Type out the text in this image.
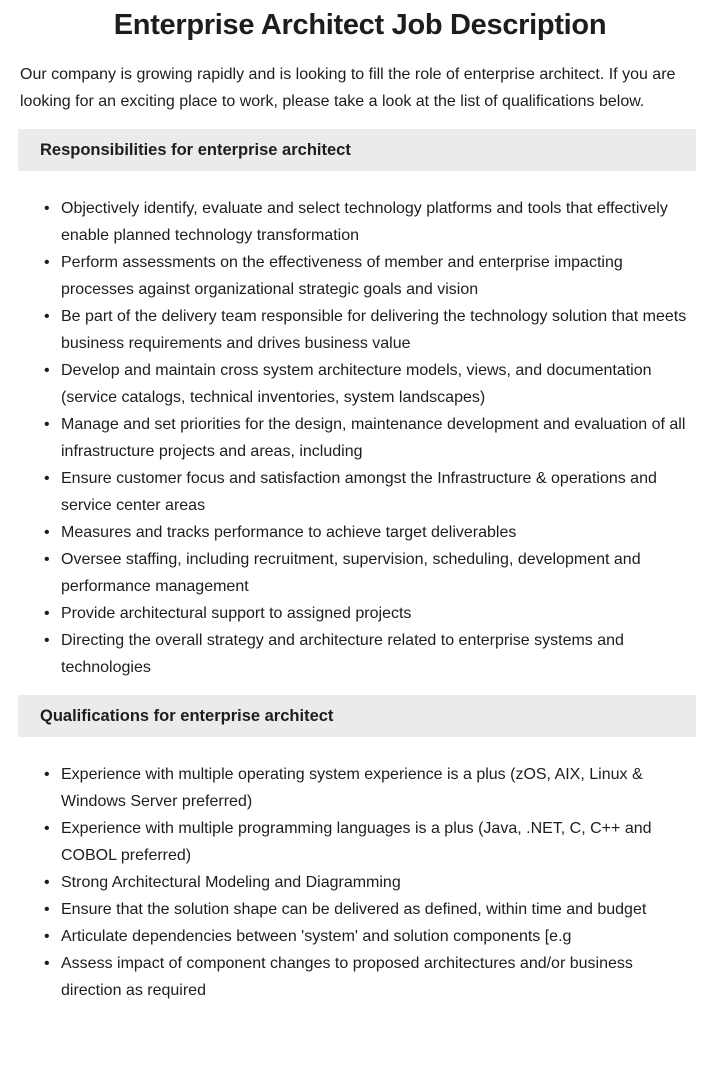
Enterprise Architect Job Description

Our company is growing rapidly and is looking to fill the role of enterprise architect. If you are looking for an exciting place to work, please take a look at the list of qualifications below.

Responsibilities for enterprise architect
• Objectively identify, evaluate and select technology platforms and tools that effectively enable planned technology transformation
• Perform assessments on the effectiveness of member and enterprise impacting processes against organizational strategic goals and vision
• Be part of the delivery team responsible for delivering the technology solution that meets business requirements and drives business value
• Develop and maintain cross system architecture models, views, and documentation (service catalogs, technical inventories, system landscapes)
• Manage and set priorities for the design, maintenance development and evaluation of all infrastructure projects and areas, including
• Ensure customer focus and satisfaction amongst the Infrastructure & operations and service center areas
• Measures and tracks performance to achieve target deliverables
• Oversee staffing, including recruitment, supervision, scheduling, development and performance management
• Provide architectural support to assigned projects
• Directing the overall strategy and architecture related to enterprise systems and technologies
Qualifications for enterprise architect
• Experience with multiple operating system experience is a plus (zOS, AIX, Linux & Windows Server preferred)
• Experience with multiple programming languages is a plus (Java, .NET, C, C++ and COBOL preferred)
• Strong Architectural Modeling and Diagramming
• Ensure that the solution shape can be delivered as defined, within time and budget
• Articulate dependencies between 'system' and solution components [e.g
• Assess impact of component changes to proposed architectures and/or business direction as required
